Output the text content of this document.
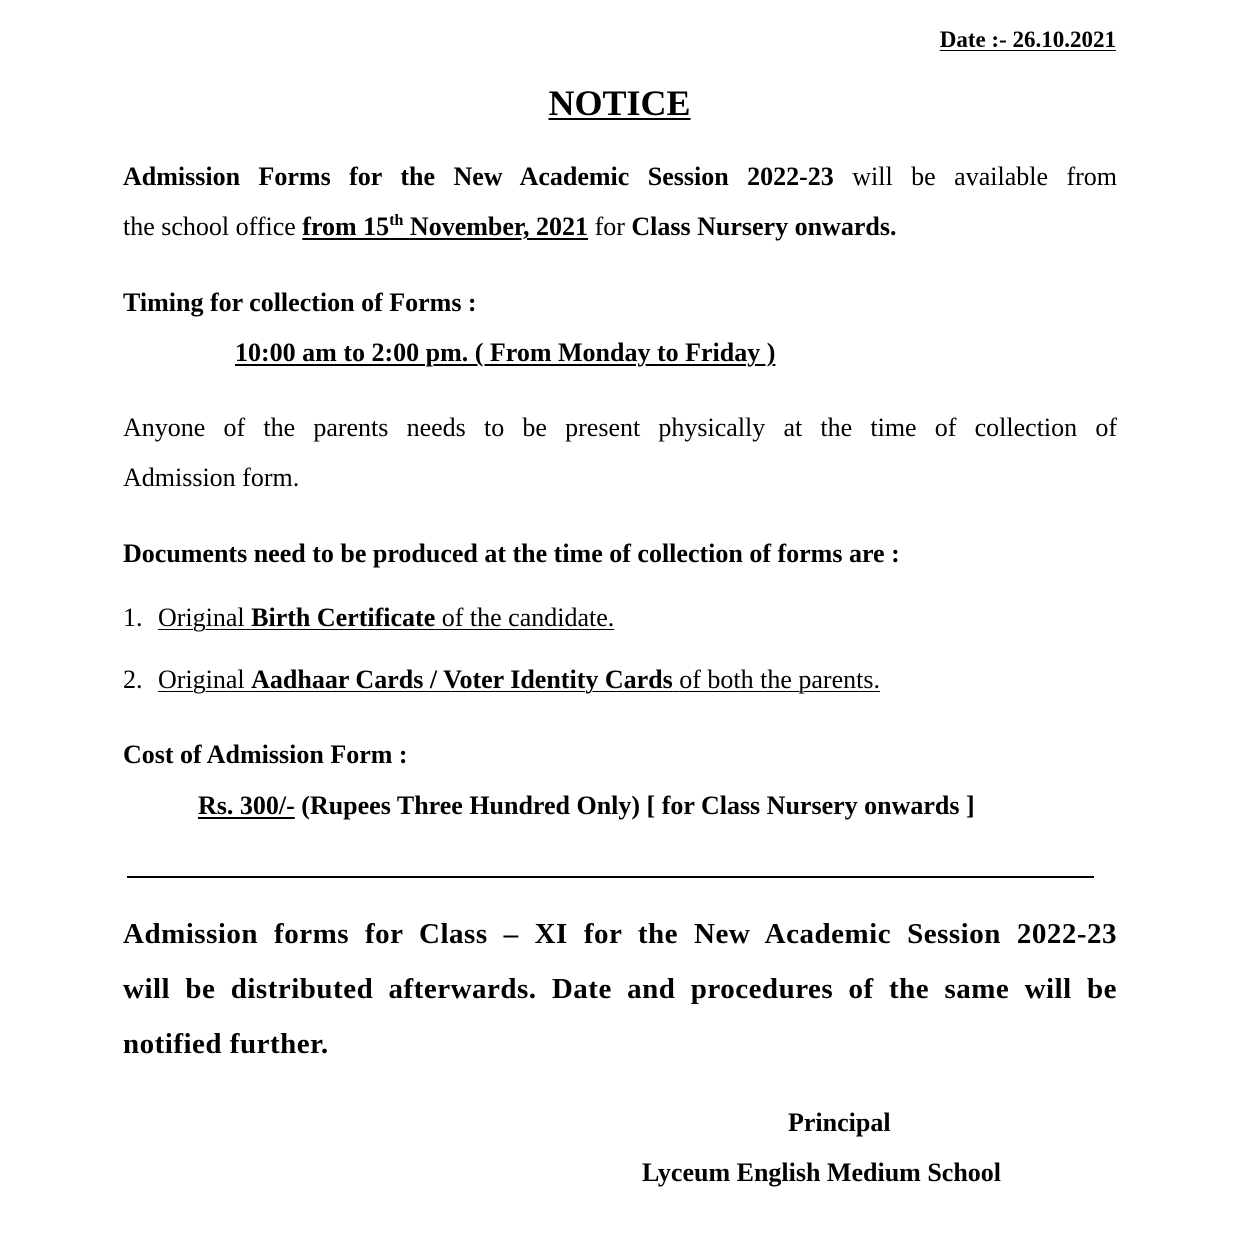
Date :- 26.10.2021
NOTICE
Admission Forms for the New Academic Session 2022-23 will be available from
the school office from 15th November, 2021 for Class Nursery onwards.
Timing for collection of Forms :
10:00 am to 2:00 pm. ( From Monday to Friday )
Anyone of the parents needs to be present physically at the time of collection of
Admission form.
Documents need to be produced at the time of collection of forms are :
1. Original Birth Certificate of the candidate.
2. Original Aadhaar Cards / Voter Identity Cards of both the parents.
Cost of Admission Form :
Rs. 300/- (Rupees Three Hundred Only) [ for Class Nursery onwards ]
Admission forms for Class – XI for the New Academic Session 2022-23
will be distributed afterwards. Date and procedures of the same will be
notified further.
Principal
Lyceum English Medium School
